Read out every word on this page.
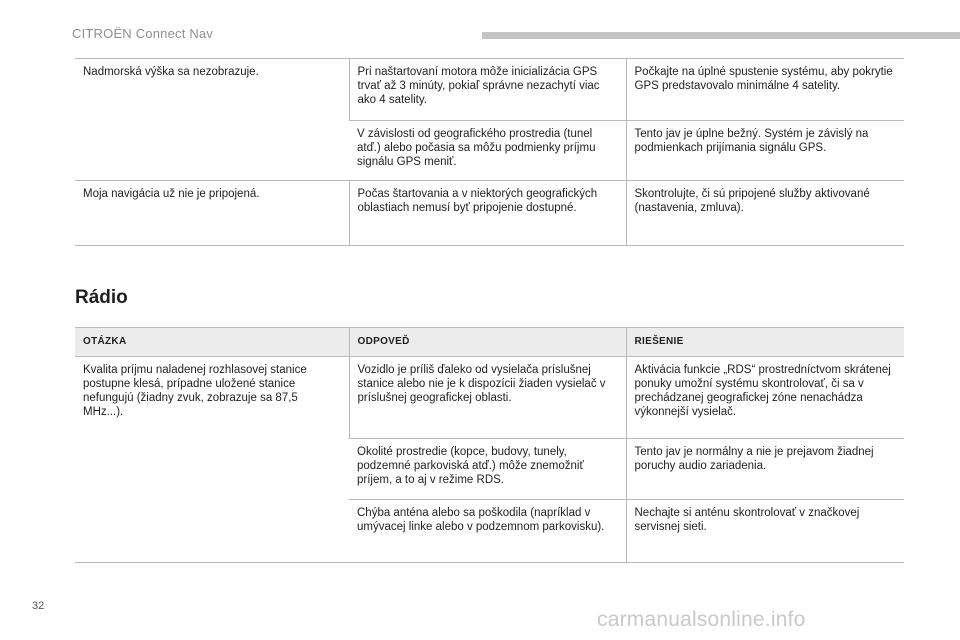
CITROËN Connect Nav
Nadmorská výška sa nezobrazuje.	Pri naštartovaní motora môže inicializácia GPS trvať až 3 minúty, pokiaľ správne nezachytí viac ako 4 satelity.	Počkajte na úplné spustenie systému, aby pokrytie GPS predstavovalo minimálne 4 satelity.
	V závislosti od geografického prostredia (tunel atď.) alebo počasia sa môžu podmienky príjmu signálu GPS meniť.	Tento jav je úplne bežný. Systém je závislý na podmienkach prijímania signálu GPS.
Moja navigácia už nie je pripojená.	Počas štartovania a v niektorých geografických oblastiach nemusí byť pripojenie dostupné.	Skontrolujte, či sú pripojené služby aktivované (nastavenia, zmluva).
Rádio
OTÁZKA	ODPOVEĎ	RIEŠENIE
Kvalita príjmu naladenej rozhlasovej stanice postupne klesá, prípadne uložené stanice nefungujú (žiadny zvuk, zobrazuje sa 87,5 MHz...).	Vozidlo je príliš ďaleko od vysielača príslušnej stanice alebo nie je k dispozícii žiaden vysielač v príslušnej geografickej oblasti.	Aktivácia funkcie „RDS“ prostredníctvom skrátenej ponuky umožní systému skontrolovať, či sa v prechádzanej geografickej zóne nenachádza výkonnejší vysielač.
	Okolité prostredie (kopce, budovy, tunely, podzemné parkoviská atď.) môže znemožniť príjem, a to aj v režime RDS.	Tento jav je normálny a nie je prejavom žiadnej poruchy audio zariadenia.
	Chýba anténa alebo sa poškodila (napríklad v umývacej linke alebo v podzemnom parkovisku).	Nechajte si anténu skontrolovať v značkovej servisnej sieti.
32
carmanualsonline.info
